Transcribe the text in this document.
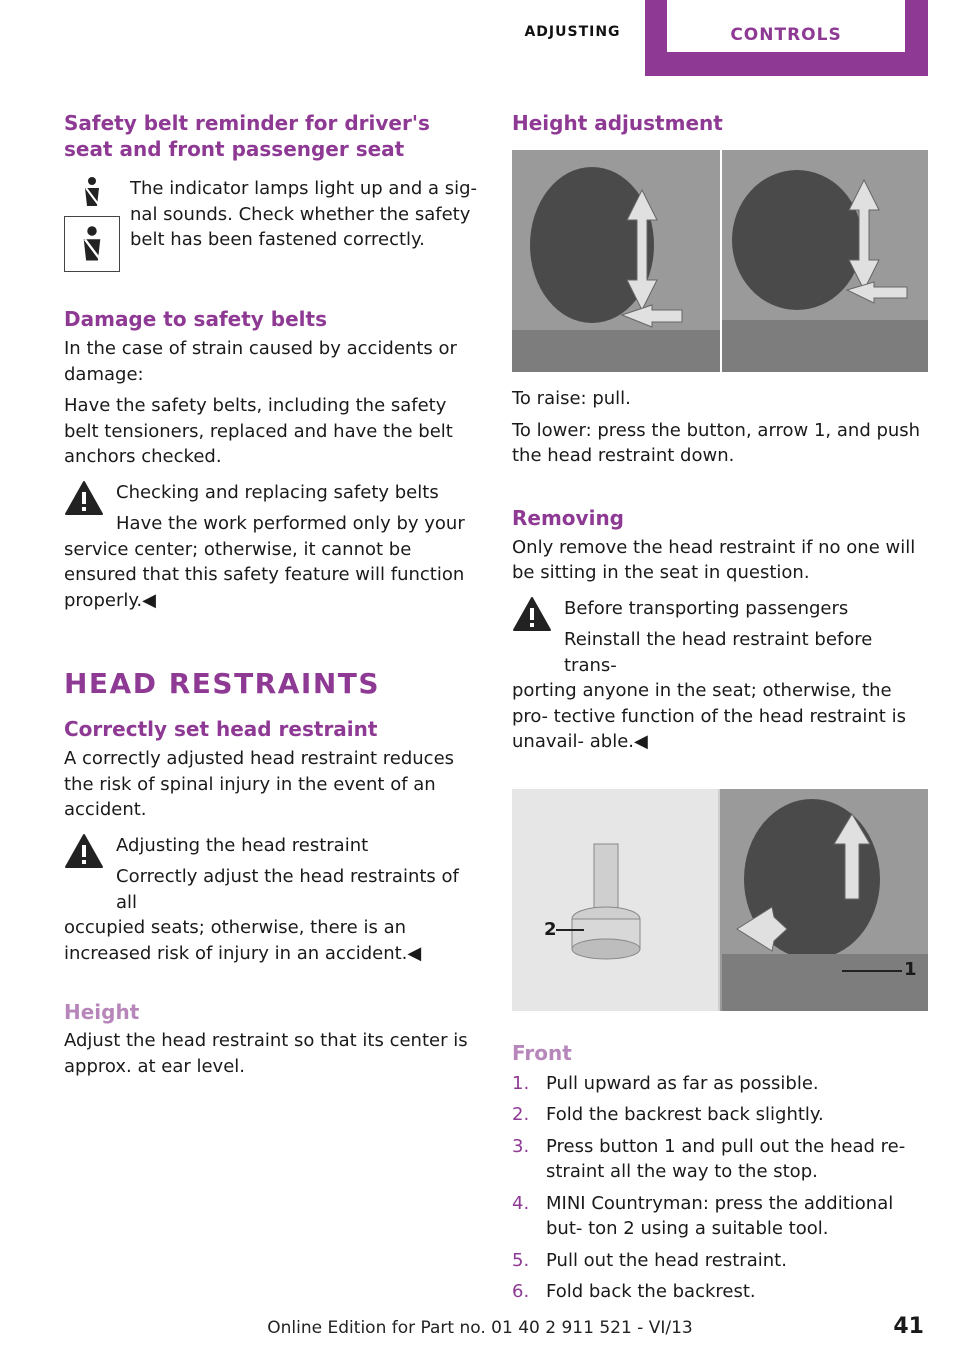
ADJUSTING	CONTROLS
Safety belt reminder for driver's seat and front passenger seat

The indicator lamps light up and a sig‐ nal sounds. Check whether the safety belt has been fastened correctly.

Damage to safety belts

In the case of strain caused by accidents or damage:

Have the safety belts, including the safety belt tensioners, replaced and have the belt anchors checked.

Checking and replacing safety belts

Have the work performed only by your

service center; otherwise, it cannot be ensured that this safety feature will function properly.◀

HEAD RESTRAINTS
Correctly set head restraint

A correctly adjusted head restraint reduces the risk of spinal injury in the event of an accident.

Adjusting the head restraint

Correctly adjust the head restraints of all

occupied seats; otherwise, there is an increased risk of injury in an accident.◀

Height

Adjust the head restraint so that its center is approx. at ear level.

Height adjustment

To raise: pull.

To lower: press the button, arrow 1, and push the head restraint down.

Removing

Only remove the head restraint if no one will be sitting in the seat in question.

Before transporting passengers

Reinstall the head restraint before trans‐

porting anyone in the seat; otherwise, the pro‐ tective function of the head restraint is unavail‐ able.◀

2
1
Front
1. Pull upward as far as possible.
2. Fold the backrest back slightly.
3. Press button 1 and pull out the head re‐ straint all the way to the stop.
4. MINI Countryman: press the additional but‐ ton 2 using a suitable tool.
5. Pull out the head restraint.
6. Fold back the backrest.
Online Edition for Part no. 01 40 2 911 521 - VI/13	41
